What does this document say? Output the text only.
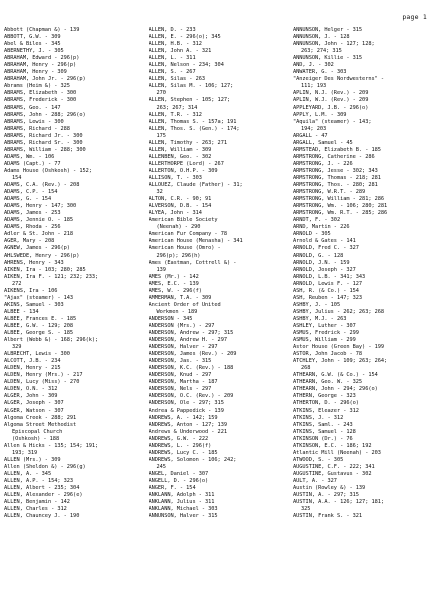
page 1
Abbott (Chapman &) - 139
ABBOTT, G.W. - 309
Abel & Biles - 345
ABERNETHY, J. - 305
ABRAHAM, Edward - 296(p)
ABRAHAM, Henry - 296(p)
ABRAHAM, Henry - 309
ABRAHAM, John Jr. - 296(p)
Abrams (Heim &) - 325
ABRAMS, Elizabeth - 300
ABRAMS, Frederick - 300
ABRAMS, Geo. - 147
ABRAMS, John - 288; 296(o)
ABRAMS, Lewis - 300
ABRAMS, Richard - 288
ABRAMS, Richard Jr. - 300
ABRAMS, Richard Sr. - 300
ABRAMS, William - 288; 300
ADAMS, Wm. - 106
ADAMS (Capt.) - 77
Adams House (Oshkosh) - 152;
154
ADAMS, C.A. (Rev.) - 208
ADAMS, C.P. - 154
ADAMS, G. - 154
ADAMS, Henry - 147; 300
ADAMS, James - 253
ADAMS, Jennie O. - 185
ADAMS, Rhoda - 256
Adler & St. John - 218
AGER, Mary - 208
AGNEW, James - 296(p)
AHLSWEDE, Henry - 296(p)
AHRENS, Henry - 343
AIKEN, Ira - 103; 280; 285
AIKEN, Ira F. - 121; 232; 233;
272
AIKENS, Ira - 106
"Ajax" (steamer) - 143
AKINS, Samuel - 303
ALBEE - 134
ALBEE, Frances E. - 185
ALBEE, G.W. - 129; 208
ALBEE, George S. - 185
Albert (Webb &) - 168; 296(k);
329
ALBRECHT, Lewis - 300
ALCOTT, J.B. - 234
ALDEN, Henry - 215
ALDEN, Henry (Mrs.) - 217
ALDEN, Lucy (Miss) - 270
ALDEN, O.N. - 312
ALGER, John - 309
ALGER, Joseph - 307
ALGER, Watson - 307
Algoma Creek - 288; 291
Algoma Street Methodist
Episcopal Church
(Oshkosh) - 188
Allen & Hicks - 135; 154; 191;
193; 319
ALLEN (Mrs.) - 309
Allen (Sheldon &) - 296(g)
ALLEN, A. - 345
ALLEN, A.P. - 154; 323
ALLEN, Albert - 235; 304
ALLEN, Alexander - 296(e)
ALLEN, Benjamin - 142
ALLEN, Charles - 312
ALLEN, Chauncey J. - 190
ALLEN, D. - 233
ALLEN, E. - 296(o); 345
ALLEN, H.B. - 312
ALLEN, John A. - 321
ALLEN, L. - 311
ALLEN, Nelson - 234; 304
ALLEN, S. - 267
ALLEN, Silas - 263
ALLEN, Silas M. - 106; 127;
270
ALLEN, Stephen - 105; 127;
263; 267; 314
ALLEN, T.R. - 312
ALLEN, Thomas S. - 157a; 191
ALLEN, Thos. S. (Gen.) - 174;
175
ALLEN, Timothy - 263; 271
ALLEN, William - 309
ALLENBEN, Geo. - 302
ALLERTHORPE (Lord) - 267
ALLERTON, O.H.P. - 309
ALLISON, T. - 303
ALLOUEZ, Claude (Father) - 31;
32
ALTON, C.R. - 90; 91
ALVERSON, D.B. - 154
ALYEA, John - 314
American Bible Society
(Neenah) - 290
American Fur Company - 78
American House (Menasha) - 341
American House (Omro) -
296(p); 296(h)
Ames (Eastman, Cottrell &) -
139
AMES (Mr.) - 142
AMES, E.C. - 139
AMES, W. - 296(f)
AMMERMAN, T.A. - 309
Ancient Order of United
Workmen - 189
ANDERSON - 345
ANDERSON (Mrs.) - 297
ANDERSON, Andrew - 297; 315
ANDERSON, Andrew H. - 297
ANDERSON, Halver - 297
ANDERSON, James (Rev.) - 209
ANDERSON, Jas. - 315
ANDERSON, K.C. (Rev.) - 188
ANDERSON, Knud - 297
ANDERSON, Martha - 187
ANDERSON, Nels - 297
ANDERSON, O.C. (Rev.) - 209
ANDERSON, Ole - 297; 315
Andrea & Pappedick - 139
ANDREWS, A. - 142; 159
ANDREWS, Anton - 127; 139
Andrews & Underwood - 221
ANDREWS, G.W. - 222
ANDREWS, L. - 296(f)
ANDREWS, Lucy C. - 185
ANDREWS, Solomon - 106; 242;
245
ANGEL, Daniel - 307
ANGELL, D. - 296(o)
ANGER, F. - 154
ANKLANN, Adolph - 311
ANKLANN, Julius - 311
ANKLANN, Michael - 303
ANNUNSON, Halver - 315
ANNUNSON, Helger - 315
ANNUNSON, J. - 128
ANNUNSON, John - 127; 128;
263; 274; 315
ANNUNSON, Killie - 315
AND, J. - 302
ANWATER, G. - 303
"Anzeiger Des Nordwesterns" -
111; 193
APLIN, N.J. (Rev.) - 209
APLIN, W.J. (Rev.) - 209
APPLEYARD, J.B. - 296(o)
APPLY, L.M. - 309
"Aquila" (steamer) - 143;
194; 203
ARGALL - 47
ARGALL, Samuel - 45
ARMSTEAD, Elizabeth B. - 185
ARMSTRONG, Catherine - 286
ARMSTRONG, J. - 226
ARMSTRONG, Jesse - 302; 343
ARMSTRONG, Thomas - 218; 281
ARMSTRONG, Thos. - 280; 281
ARMSTRONG, W.R.T. - 289
ARMSTRONG, William - 281; 286
ARMSTRONG, Wm. - 106; 280; 281
ARMSTRONG, Wm. R.T. - 285; 286
ARNDT, F. - 302
ARND, Martin - 226
ARNOLD - 305
Arnold & Gates - 141
ARNOLD, Fred C. - 327
ARNOLD, G. - 128
ARNOLD, J.N. - 159
ARNOLD, Joseph - 327
ARNOLD, L.B. - 341; 343
ARNOLD, Lewis F. - 127
ASH, R. (& Co.) - 154
ASH, Reuben - 147; 323
ASHBY, J. - 105
ASHBY, Julius - 262; 263; 268
ASHBY, M.J. - 263
ASHLEY, Luther - 307
ASMUS, Fredrick - 299
ASMUS, William - 299
Astor House (Green Bay) - 199
ASTOR, John Jacob - 78
ATCHLEY, John - 109; 263; 264;
268
ATHEARN, G.W. (& Co.) - 154
ATHEARN, Geo. W. - 325
ATHEARN, John - 294; 296(o)
ATHERN, George - 323
ATHERTON, D. - 296(o)
ATKINS, Eleazer - 312
ATKINS, J. - 312
ATKINS, Saml. - 243
ATKINS, Samuel - 128
ATKINSON (Dr.) - 76
ATKINSON, E.C. - 186; 192
Atlantic Mill (Neenah) - 203
ATWOOD, S. - 305
AUGUSTINE, C.F. - 222; 341
AUGUSTINE, Gustavus - 302
AULT, A. - 327
Austin (Rowley &) - 139
AUSTIN, A. - 297; 315
AUSTIN, A.A. - 126; 127; 181;
325
AUSTIN, Frank S. - 321
